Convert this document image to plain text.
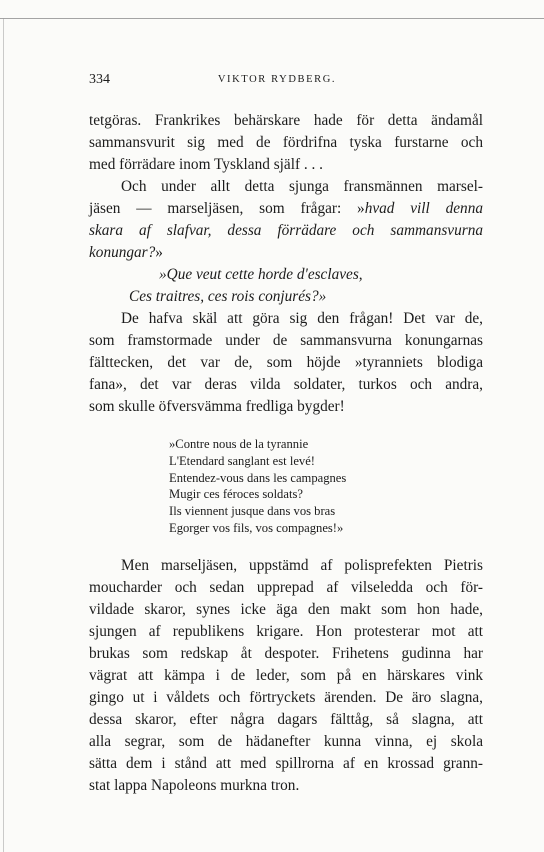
334	VIKTOR RYDBERG.
tetgöras. Frankrikes behärskare hade för detta ändamål
sammansvurit sig med de fördrifna tyska furstarne och
med förrädare inom Tyskland själf . . .
Och under allt detta sjunga fransmännen marsel-
jäsen — marseljäsen, som frågar: »hvad vill denna
skara af slafvar, dessa förrädare och sammansvurna
konungar?»
»Que veut cette horde d'esclaves,
Ces traitres, ces rois conjurés?»
De hafva skäl att göra sig den frågan! Det var de,
som framstormade under de sammansvurna konungarnas
fälttecken, det var de, som höjde »tyranniets blodiga
fana», det var deras vilda soldater, turkos och andra,
som skulle öfversvämma fredliga bygder!
»Contre nous de la tyrannie
L'Etendard sanglant est levé!
Entendez-vous dans les campagnes
Mugir ces féroces soldats?
Ils viennent jusque dans vos bras
Egorger vos fils, vos compagnes!»
Men marseljäsen, uppstämd af polisprefekten Pietris
moucharder och sedan upprepad af vilseledda och för-
vildade skaror, synes icke äga den makt som hon hade,
sjungen af republikens krigare. Hon protesterar mot att
brukas som redskap åt despoter. Frihetens gudinna har
vägrat att kämpa i de leder, som på en härskares vink
gingo ut i våldets och förtryckets ärenden. De äro slagna,
dessa skaror, efter några dagars fälttåg, så slagna, att
alla segrar, som de hädanefter kunna vinna, ej skola
sätta dem i stånd att med spillrorna af en krossad grann-
stat lappa Napoleons murkna tron.
